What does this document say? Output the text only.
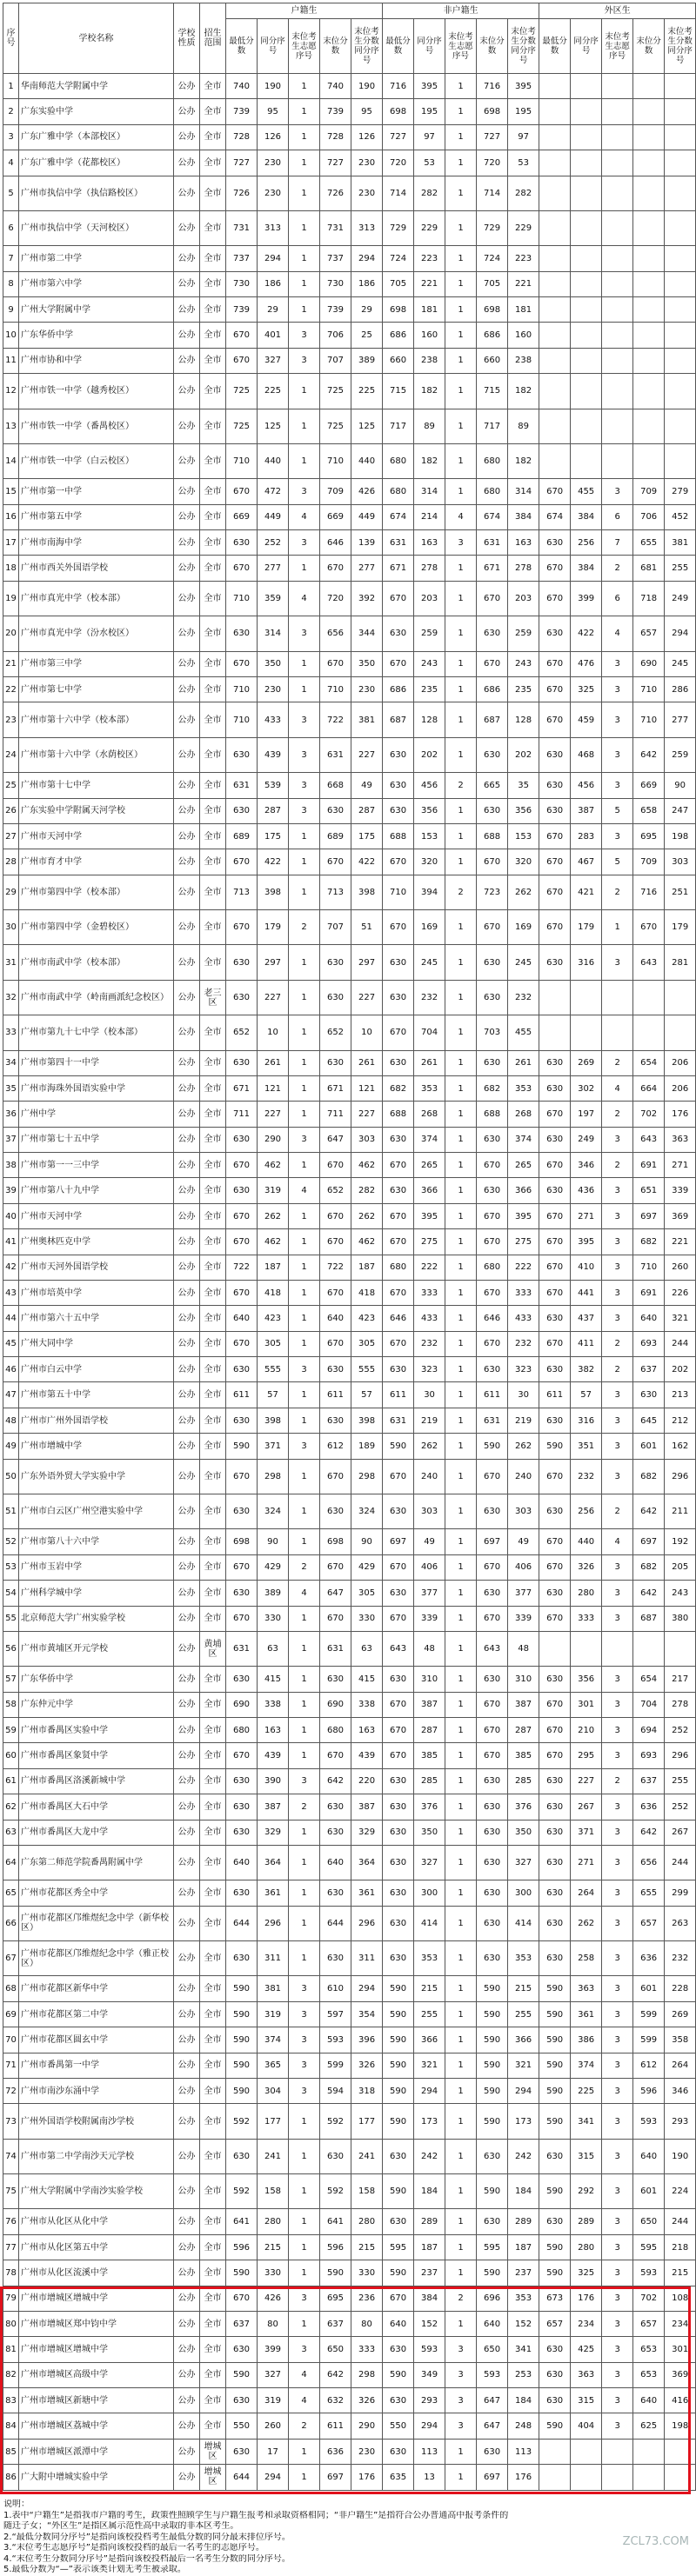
序号	学校名称	学校性质	招生范围	户籍生					非户籍生					外区生				
				最低分数	同分序号	末位考生志愿序号	末位分数	末位考生分数同分序号	最低分数	同分序号	末位考生志愿序号	末位分数	末位考生分数同分序号	最低分数	同分序号	末位考生志愿序号	末位分数	末位考生分数同分序号
1	华南师范大学附属中学	公办	全市	740	190	1	740	190	716	395	1	716	395					
2	广东实验中学	公办	全市	739	95	1	739	95	698	195	1	698	195					
3	广东广雅中学（本部校区）	公办	全市	728	126	1	728	126	727	97	1	727	97					
4	广东广雅中学（花都校区）	公办	全市	727	230	1	727	230	720	53	1	720	53					
5	广州市执信中学（执信路校区）	公办	全市	726	230	1	726	230	714	282	1	714	282					
6	广州市执信中学（天河校区）	公办	全市	731	313	1	731	313	729	229	1	729	229					
7	广州市第二中学	公办	全市	737	294	1	737	294	724	223	1	724	223					
8	广州市第六中学	公办	全市	730	186	1	730	186	705	221	1	705	221					
9	广州大学附属中学	公办	全市	739	29	1	739	29	698	181	1	698	181					
10	广东华侨中学	公办	全市	670	401	3	706	25	686	160	1	686	160					
11	广州市协和中学	公办	全市	670	327	3	707	389	660	238	1	660	238					
12	广州市铁一中学（越秀校区）	公办	全市	725	225	1	725	225	715	182	1	715	182					
13	广州市铁一中学（番禺校区）	公办	全市	725	125	1	725	125	717	89	1	717	89					
14	广州市铁一中学（白云校区）	公办	全市	710	440	1	710	440	680	182	1	680	182					
15	广州市第一中学	公办	全市	670	472	3	709	426	680	314	1	680	314	670	455	3	709	279
16	广州市第五中学	公办	全市	669	449	4	669	449	674	214	4	674	384	674	384	6	706	452
17	广州市南海中学	公办	全市	630	252	3	646	139	631	163	3	631	163	630	256	7	655	381
18	广州市西关外国语学校	公办	全市	670	277	1	670	277	671	278	1	671	278	670	384	2	681	255
19	广州市真光中学（校本部）	公办	全市	710	359	4	720	392	670	203	1	670	203	670	399	6	718	249
20	广州市真光中学（汾水校区）	公办	全市	630	314	3	656	344	630	259	1	630	259	630	422	4	657	294
21	广州市第三中学	公办	全市	670	350	1	670	350	670	243	1	670	243	670	476	3	690	245
22	广州市第七中学	公办	全市	710	230	1	710	230	686	235	1	686	235	670	325	3	710	286
23	广州市第十六中学（校本部）	公办	全市	710	433	3	722	381	687	128	1	687	128	670	459	3	710	277
24	广州市第十六中学（水荫校区）	公办	全市	630	439	3	631	227	630	202	1	630	202	630	468	3	642	259
25	广州市第十七中学	公办	全市	631	539	3	668	49	630	456	2	665	35	630	456	3	669	90
26	广东实验中学附属天河学校	公办	全市	630	287	3	630	287	630	356	1	630	356	630	387	5	658	247
27	广州市天河中学	公办	全市	689	175	1	689	175	688	153	1	688	153	670	283	3	695	198
28	广州市育才中学	公办	全市	670	422	1	670	422	670	320	1	670	320	670	467	5	709	303
29	广州市第四中学（校本部）	公办	全市	713	398	1	713	398	710	394	2	723	262	670	421	2	716	251
30	广州市第四中学（金碧校区）	公办	全市	670	179	2	707	51	670	169	1	670	169	670	179	1	670	179
31	广州市南武中学（校本部）	公办	全市	630	297	1	630	297	630	245	1	630	245	630	316	3	643	281
32	广州市南武中学（岭南画派纪念校区）	公办	老三区	630	227	1	630	227	630	232	1	630	232					
33	广州市第九十七中学（校本部）	公办	全市	652	10	1	652	10	670	704	1	703	455					
34	广州市第四十一中学	公办	全市	630	261	1	630	261	630	261	1	630	261	630	269	2	654	206
35	广州市海珠外国语实验中学	公办	全市	671	121	1	671	121	682	353	1	682	353	630	302	4	664	206
36	广州中学	公办	全市	711	227	1	711	227	688	268	1	688	268	670	197	2	702	176
37	广州市第七十五中学	公办	全市	630	290	3	647	303	630	374	1	630	374	630	249	3	643	363
38	广州市第一一三中学	公办	全市	670	462	1	670	462	670	265	1	670	265	670	346	2	691	271
39	广州市第八十九中学	公办	全市	630	319	4	652	282	630	366	1	630	366	630	436	3	651	339
40	广州市天河中学	公办	全市	670	262	1	670	262	670	395	1	670	395	670	271	3	697	369
41	广州奥林匹克中学	公办	全市	670	462	1	670	462	670	275	1	670	275	670	395	3	682	221
42	广州市天河外国语学校	公办	全市	722	187	1	722	187	680	222	1	680	222	670	410	3	710	260
43	广州市培英中学	公办	全市	670	418	1	670	418	670	333	1	670	333	670	441	3	691	226
44	广州市第六十五中学	公办	全市	640	423	1	640	423	646	433	1	646	433	630	437	3	640	321
45	广州大同中学	公办	全市	670	305	1	670	305	670	232	1	670	232	670	411	2	693	244
46	广州市白云中学	公办	全市	630	555	3	630	555	630	323	1	630	323	630	382	2	637	202
47	广州市第五十中学	公办	全市	611	57	1	611	57	611	30	1	611	30	611	57	3	630	213
48	广州市广州外国语学校	公办	全市	630	398	1	630	398	631	219	1	631	219	630	316	3	645	212
49	广州市增城中学	公办	全市	590	371	3	612	189	590	262	1	590	262	590	351	3	601	162
50	广东外语外贸大学实验中学	公办	全市	670	298	1	670	298	670	240	1	670	240	670	232	3	682	296
51	广州市白云区广州空港实验中学	公办	全市	630	324	1	630	324	630	303	1	630	303	630	256	2	642	211
52	广州市第八十六中学	公办	全市	698	90	1	698	90	697	49	1	697	49	670	440	4	697	192
53	广州市玉岩中学	公办	全市	670	429	2	670	429	670	406	1	670	406	670	326	3	682	205
54	广州科学城中学	公办	全市	630	389	4	647	305	630	377	1	630	377	630	280	3	642	243
55	北京师范大学广州实验学校	公办	全市	670	330	1	670	330	670	339	1	670	339	670	333	3	687	380
56	广州市黄埔区开元学校	公办	黄埔区	631	63	1	631	63	643	48	1	643	48					
57	广东华侨中学	公办	全市	630	415	1	630	415	630	310	1	630	310	630	356	3	654	217
58	广东仲元中学	公办	全市	690	338	1	690	338	670	387	1	670	387	670	301	3	704	278
59	广州市番禺区实验中学	公办	全市	680	163	1	680	163	670	287	1	670	287	670	210	3	694	252
60	广州市番禺区象贤中学	公办	全市	670	439	1	670	439	670	385	1	670	385	670	295	3	693	296
61	广州市番禺区洛溪新城中学	公办	全市	630	390	3	642	220	630	285	1	630	285	630	227	2	637	255
62	广州市番禺区大石中学	公办	全市	630	387	2	630	387	630	376	1	630	376	630	267	3	636	252
63	广州市番禺区大龙中学	公办	全市	630	329	1	630	329	630	350	1	630	350	630	371	3	642	267
64	广东第二师范学院番禺附属中学	公办	全市	640	364	1	640	364	630	327	1	630	327	630	271	3	656	244
65	广州市花都区秀全中学	公办	全市	630	361	1	630	361	630	300	1	630	300	630	264	3	655	299
66	广州市花都区邝维煜纪念中学（新华校区）	公办	全市	644	296	1	644	296	630	414	1	630	414	630	262	3	657	263
67	广州市花都区邝维煜纪念中学（雅正校区）	公办	全市	630	311	1	630	311	630	353	1	630	353	630	258	3	636	232
68	广州市花都区新华中学	公办	全市	590	381	3	610	294	590	215	1	590	215	590	363	3	601	228
69	广州市花都区第二中学	公办	全市	590	319	3	597	354	590	255	1	590	255	590	361	3	599	269
70	广州市花都区圆玄中学	公办	全市	590	374	3	593	396	590	366	1	590	366	590	386	3	599	358
71	广州市番禺第一中学	公办	全市	590	365	3	599	326	590	321	1	590	321	590	374	3	612	264
72	广州市南沙东涌中学	公办	全市	590	304	3	594	318	590	294	1	590	294	590	225	3	596	346
73	广州外国语学校附属南沙学校	公办	全市	592	177	1	592	177	590	173	1	590	173	590	341	3	593	293
74	广州市第二中学南沙天元学校	公办	全市	630	241	1	630	241	630	242	1	630	242	630	315	3	640	190
75	广州大学附属中学南沙实验学校	公办	全市	592	158	1	592	158	590	184	1	590	184	590	292	3	601	224
76	广州市从化区从化中学	公办	全市	641	280	1	641	280	630	289	1	630	289	630	289	3	650	244
77	广州市从化区第五中学	公办	全市	596	215	1	596	215	595	187	1	595	187	590	280	3	595	218
78	广州市从化区流溪中学	公办	全市	590	330	1	590	330	590	237	1	590	237	590	325	3	593	215
79	广州市增城区增城中学	公办	全市	670	426	3	695	236	670	384	2	696	353	673	176	3	702	108
80	广州市增城区郑中钧中学	公办	全市	637	80	1	637	80	640	152	1	640	152	657	234	3	657	234
81	广州市增城区增城中学	公办	全市	630	399	3	650	333	630	593	3	650	341	630	425	3	653	301
82	广州市增城区高级中学	公办	全市	590	327	4	642	298	590	349	3	593	253	630	363	3	653	369
83	广州市增城区新塘中学	公办	全市	630	319	4	632	326	630	293	3	647	184	630	315	3	640	416
84	广州市增城区荔城中学	公办	全市	550	260	2	611	290	550	294	3	647	248	590	404	3	625	198
85	广州市增城区派潭中学	公办	增城区	630	17	1	636	230	630	113	1	630	113					
86	广大附中增城实验中学	公办	增城区	644	294	1	697	176	635	13	1	697	176					
说明：
1.表中“户籍生”是指我市户籍的考生，政策性照顾学生与户籍生报考和录取资格相同；“非户籍生”是指符合公办普通高中报考条件的
随迁子女；“外区生”是指区属示范性高中录取的非本区考生。
2.“最低分数同分序号”是指向该校投档考生最低分数的同分最末排位序号。
3.“末位考生志愿序号”是指向该校投档的最后一名考生的志愿序号。
4.“末位考生分数同分序号”是指向该校投档最后一名考生分数的同分序号。
5.最低分数为“—”表示该类计划无考生被录取。
ZCL73.COM
